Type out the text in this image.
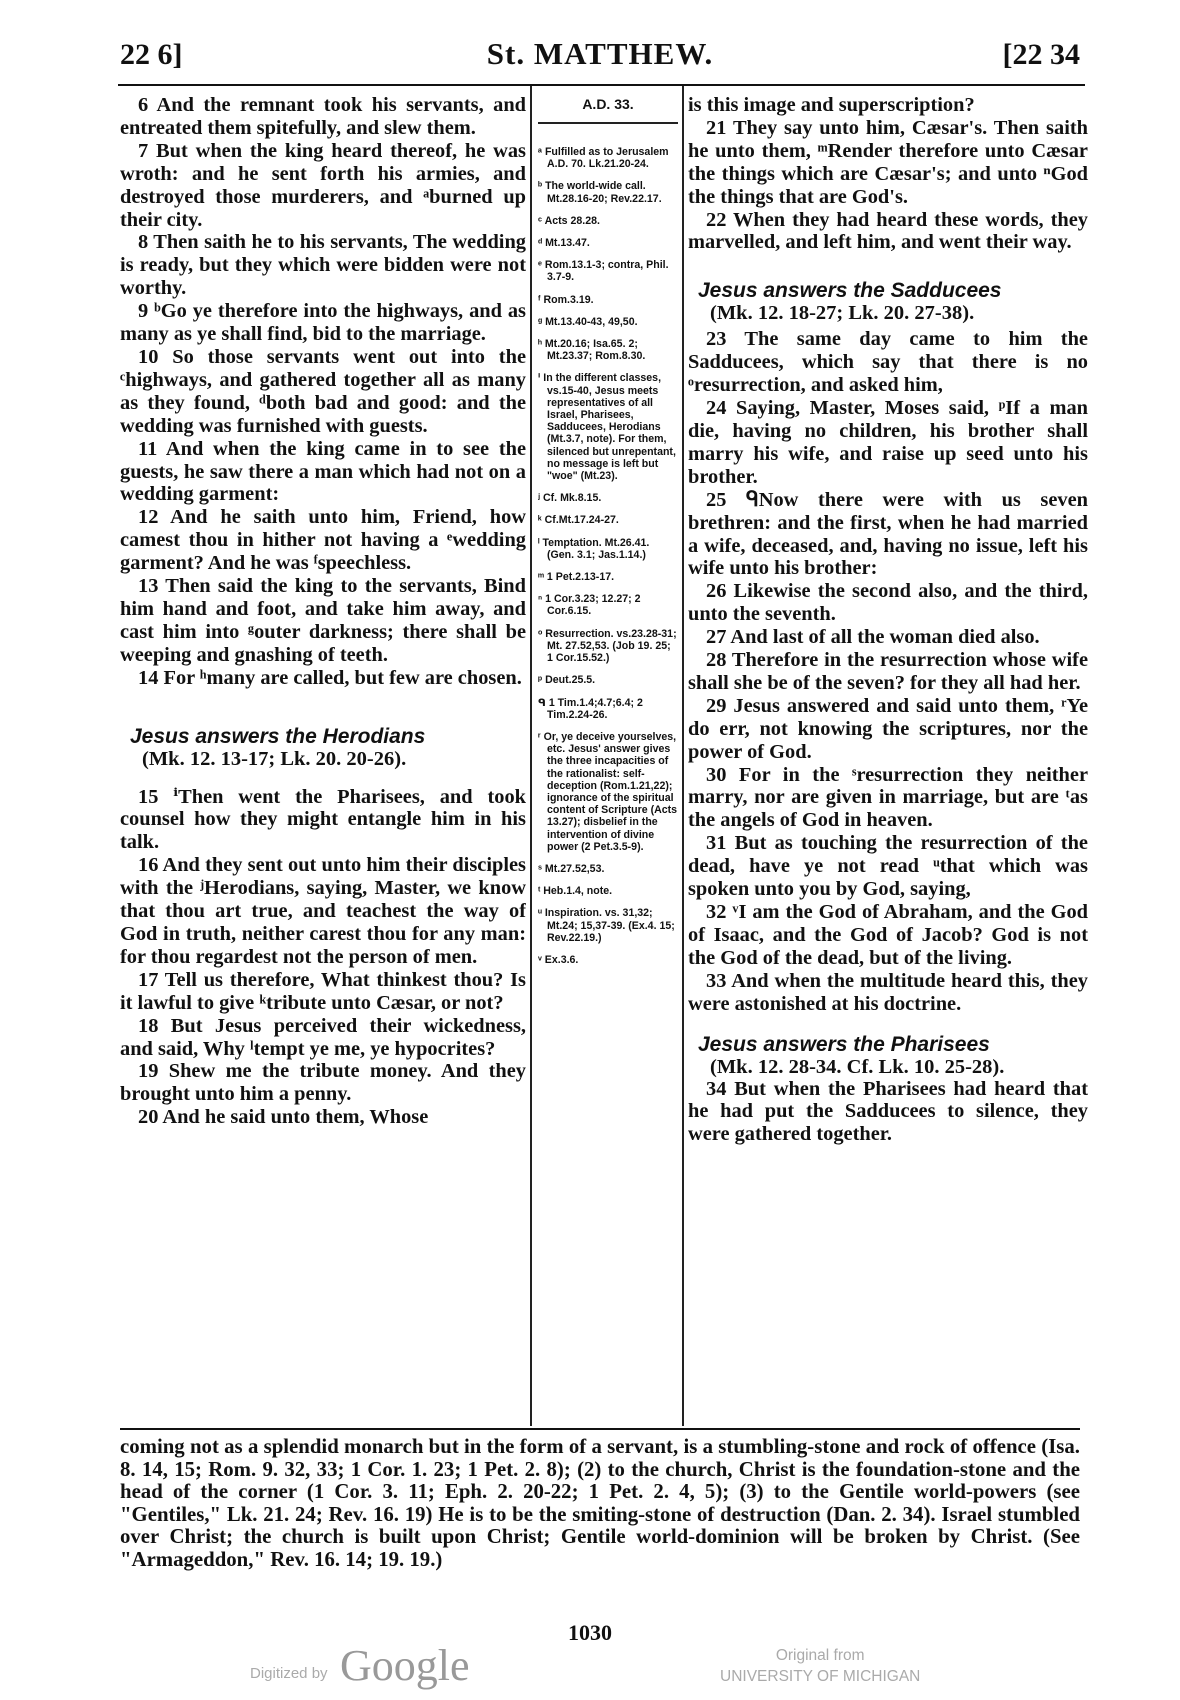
22 6]	St. MATTHEW.	[22 34

6 And the remnant took his servants, and entreated them spitefully, and slew them.

7 But when the king heard thereof, he was wroth: and he sent forth his armies, and destroyed those murderers, and ᵃburned up their city.

8 Then saith he to his servants, The wedding is ready, but they which were bidden were not worthy.

9 ᵇGo ye therefore into the highways, and as many as ye shall find, bid to the marriage.

10 So those servants went out into the ᶜhighways, and gathered together all as many as they found, ᵈboth bad and good: and the wedding was furnished with guests.

11 And when the king came in to see the guests, he saw there a man which had not on a wedding garment:

12 And he saith unto him, Friend, how camest thou in hither not having a ᵉwedding garment? And he was ᶠspeechless.

13 Then said the king to the servants, Bind him hand and foot, and take him away, and cast him into ᵍouter darkness; there shall be weeping and gnashing of teeth.

14 For ʰmany are called, but few are chosen.

Jesus answers the Herodians
(Mk. 12. 13-17; Lk. 20. 20-26).

15 ⁱThen went the Pharisees, and took counsel how they might entangle him in his talk.

16 And they sent out unto him their disciples with the ʲHerodians, saying, Master, we know that thou art true, and teachest the way of God in truth, neither carest thou for any man: for thou regardest not the person of men.

17 Tell us therefore, What thinkest thou? Is it lawful to give ᵏtribute unto Cæsar, or not?

18 But Jesus perceived their wickedness, and said, Why ˡtempt ye me, ye hypocrites?

19 Shew me the tribute money. And they brought unto him a penny.

20 And he said unto them, Whose

A.D. 33.
ᵃ Fulfilled as to Jerusalem A.D. 70. Lk.21.20-24.
ᵇ The world-wide call. Mt.28.16-20; Rev.22.17.
ᶜ Acts 28.28.
ᵈ Mt.13.47.
ᵉ Rom.13.1-3; contra, Phil. 3.7-9.
ᶠ Rom.3.19.
ᵍ Mt.13.40-43, 49,50.
ʰ Mt.20.16; Isa.65. 2; Mt.23.37; Rom.8.30.
ⁱ In the different classes, vs.15-40, Jesus meets representatives of all Israel, Pharisees, Sadducees, Herodians (Mt.3.7, note). For them, silenced but unrepentant, no message is left but "woe" (Mt.23).
ʲ Cf. Mk.8.15.
ᵏ Cf.Mt.17.24-27.
ˡ Temptation. Mt.26.41. (Gen. 3.1; Jas.1.14.)
ᵐ 1 Pet.2.13-17.
ⁿ 1 Cor.3.23; 12.27; 2 Cor.6.15.
ᵒ Resurrection. vs.23.28-31; Mt. 27.52,53. (Job 19. 25; 1 Cor.15.52.)
ᵖ Deut.25.5.
ᑫ 1 Tim.1.4;4.7;6.4; 2 Tim.2.24-26.
ʳ Or, ye deceive yourselves, etc. Jesus' answer gives the three incapacities of the rationalist: self-deception (Rom.1.21,22); ignorance of the spiritual content of Scripture (Acts 13.27); disbelief in the intervention of divine power (2 Pet.3.5-9).
ˢ Mt.27.52,53.
ᵗ Heb.1.4, note.
ᵘ Inspiration. vs. 31,32; Mt.24; 15,37-39. (Ex.4. 15; Rev.22.19.)
ᵛ Ex.3.6.

is this image and superscription?

21 They say unto him, Cæsar's. Then saith he unto them, ᵐRender therefore unto Cæsar the things which are Cæsar's; and unto ⁿGod the things that are God's.

22 When they had heard these words, they marvelled, and left him, and went their way.

Jesus answers the Sadducees
(Mk. 12. 18-27; Lk. 20. 27-38).

23 The same day came to him the Sadducees, which say that there is no ᵒresurrection, and asked him,

24 Saying, Master, Moses said, ᵖIf a man die, having no children, his brother shall marry his wife, and raise up seed unto his brother.

25 ᑫNow there were with us seven brethren: and the first, when he had married a wife, deceased, and, having no issue, left his wife unto his brother:

26 Likewise the second also, and the third, unto the seventh.

27 And last of all the woman died also.

28 Therefore in the resurrection whose wife shall she be of the seven? for they all had her.

29 Jesus answered and said unto them, ʳYe do err, not knowing the scriptures, nor the power of God.

30 For in the ˢresurrection they neither marry, nor are given in marriage, but are ᵗas the angels of God in heaven.

31 But as touching the resurrection of the dead, have ye not read ᵘthat which was spoken unto you by God, saying,

32 ᵛI am the God of Abraham, and the God of Isaac, and the God of Jacob? God is not the God of the dead, but of the living.

33 And when the multitude heard this, they were astonished at his doctrine.

Jesus answers the Pharisees
(Mk. 12. 28-34. Cf. Lk. 10. 25-28).

34 But when the Pharisees had heard that he had put the Sadducees to silence, they were gathered together.

coming not as a splendid monarch but in the form of a servant, is a stumbling-stone and rock of offence (Isa. 8. 14, 15; Rom. 9. 32, 33; 1 Cor. 1. 23; 1 Pet. 2. 8); (2) to the church, Christ is the foundation-stone and the head of the corner (1 Cor. 3. 11; Eph. 2. 20-22; 1 Pet. 2. 4, 5); (3) to the Gentile world-powers (see "Gentiles," Lk. 21. 24; Rev. 16. 19) He is to be the smiting-stone of destruction (Dan. 2. 34). Israel stumbled over Christ; the church is built upon Christ; Gentile world-dominion will be broken by Christ. (See "Armageddon," Rev. 16. 14; 19. 19.)
1030
Digitized by Google	Original from
UNIVERSITY OF MICHIGAN
